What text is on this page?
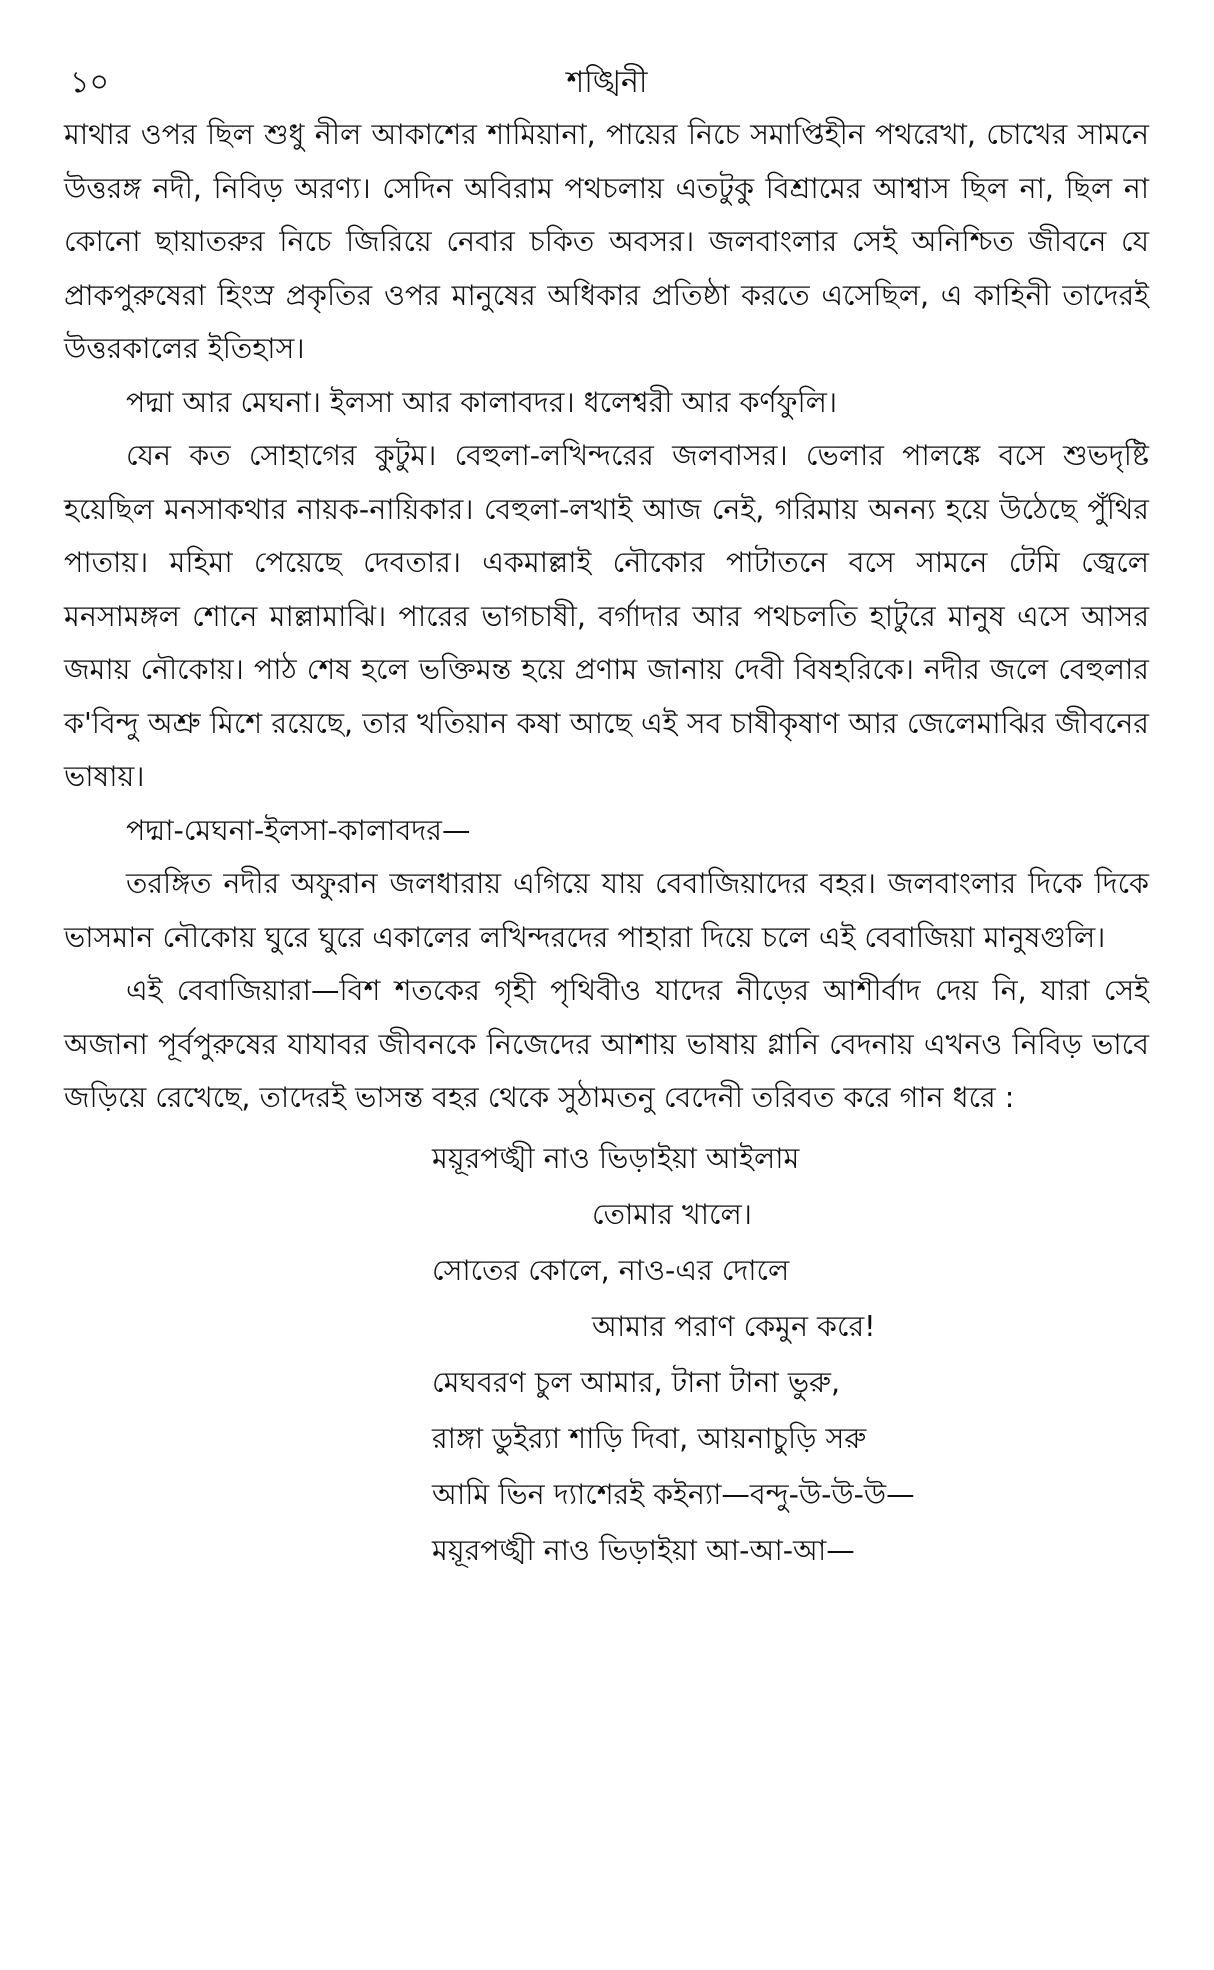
১০	শঙ্খিনী

মাথার ওপর ছিল শুধু নীল আকাশের শামিয়ানা, পায়ের নিচে সমাপ্তিহীন পথরেখা, চোখের সামনে উত্তরঙ্গ নদী, নিবিড় অরণ্য। সেদিন অবিরাম পথচলায় এতটুকু বিশ্রামের আশ্বাস ছিল না, ছিল না কোনো ছায়াতরুর নিচে জিরিয়ে নেবার চকিত অবসর। জলবাংলার সেই অনিশ্চিত জীবনে যে প্রাকপুরুষেরা হিংস্র প্রকৃতির ওপর মানুষের অধিকার প্রতিষ্ঠা করতে এসেছিল, এ কাহিনী তাদেরই উত্তরকালের ইতিহাস।

পদ্মা আর মেঘনা। ইলসা আর কালাবদর। ধলেশ্বরী আর কর্ণফুলি।

যেন কত সোহাগের কুটুম। বেহুলা-লখিন্দরের জলবাসর। ভেলার পালঙ্কে বসে শুভদৃষ্টি হয়েছিল মনসাকথার নায়ক-নায়িকার। বেহুলা-লখাই আজ নেই, গরিমায় অনন্য হয়ে উঠেছে পুঁথির পাতায়। মহিমা পেয়েছে দেবতার। একমাল্লাই নৌকোর পাটাতনে বসে সামনে টেমি জ্বেলে মনসামঙ্গল শোনে মাল্লামাঝি। পারের ভাগচাষী, বর্গাদার আর পথচলতি হাটুরে মানুষ এসে আসর জমায় নৌকোয়। পাঠ শেষ হলে ভক্তিমন্ত হয়ে প্রণাম জানায় দেবী বিষহরিকে। নদীর জলে বেহুলার ক'বিন্দু অশ্রু মিশে রয়েছে, তার খতিয়ান কষা আছে এই সব চাষীকৃষাণ আর জেলেমাঝির জীবনের ভাষায়।

পদ্মা-মেঘনা-ইলসা-কালাবদর—

তরঙ্গিত নদীর অফুরান জলধারায় এগিয়ে যায় বেবাজিয়াদের বহর। জলবাংলার দিকে দিকে ভাসমান নৌকোয় ঘুরে ঘুরে একালের লখিন্দরদের পাহারা দিয়ে চলে এই বেবাজিয়া মানুষগুলি।

এই বেবাজিয়ারা—বিশ শতকের গৃহী পৃথিবীও যাদের নীড়ের আশীর্বাদ দেয় নি, যারা সেই অজানা পূর্বপুরুষের যাযাবর জীবনকে নিজেদের আশায় ভাষায় গ্লানি বেদনায় এখনও নিবিড় ভাবে জড়িয়ে রেখেছে, তাদেরই ভাসন্ত বহর থেকে সুঠামতনু বেদেনী তরিবত করে গান ধরে :

ময়ূরপঙ্খী নাও ভিড়াইয়া আইলাম
তোমার খালে।
সোতের কোলে, নাও-এর দোলে
আমার পরাণ কেমুন করে!
মেঘবরণ চুল আমার, টানা টানা ভুরু,
রাঙ্গা ডুইর‍্যা শাড়ি দিবা, আয়নাচুড়ি সরু
আমি ভিন দ্যাশেরই কইন্যা—বন্দু-উ-উ-উ—
ময়ূরপঙ্খী নাও ভিড়াইয়া আ-আ-আ—
